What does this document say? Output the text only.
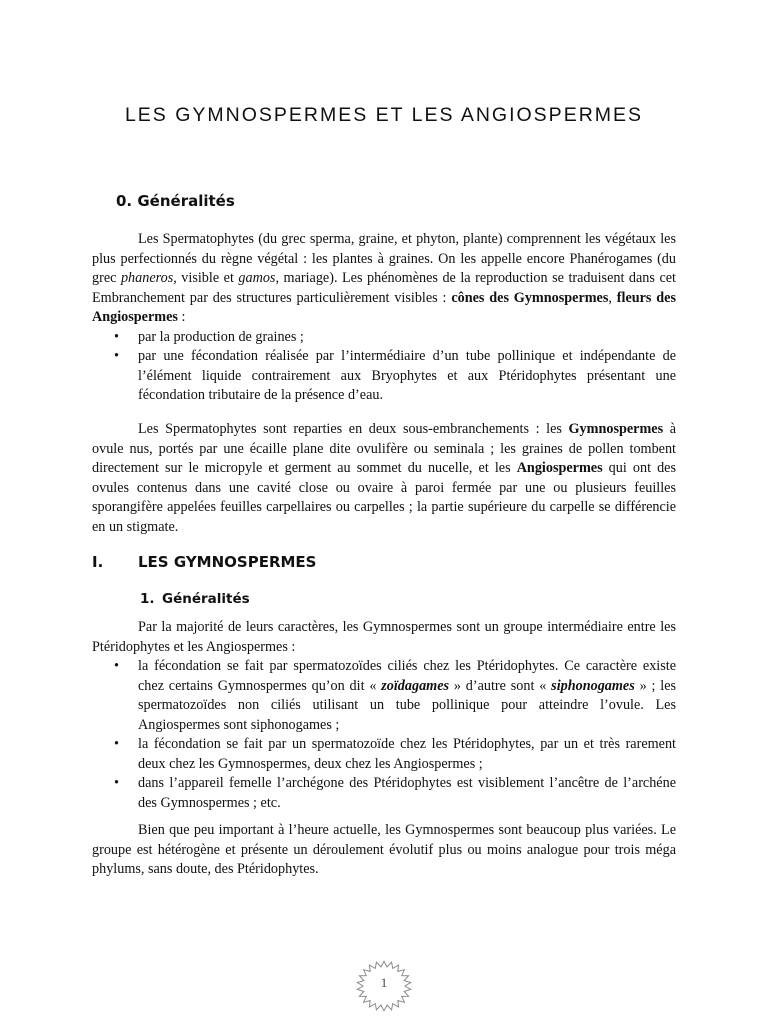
LES GYMNOSPERMES ET LES ANGIOSPERMES
0. Généralités

Les Spermatophytes (du grec sperma, graine, et phyton, plante) comprennent les végétaux les plus perfectionnés du règne végétal : les plantes à graines. On les appelle encore Phanérogames (du grec phaneros, visible et gamos, mariage). Les phénomènes de la reproduction se traduisent dans cet Embranchement par des structures particulièrement visibles : cônes des Gymnospermes, fleurs des Angiospermes :

• par la production de graines ;
• par une fécondation réalisée par l’intermédiaire d’un tube pollinique et indépendante de l’élément liquide contrairement aux Bryophytes et aux Ptéridophytes présentant une fécondation tributaire de la présence d’eau.

Les Spermatophytes sont reparties en deux sous-embranchements : les Gymnospermes à ovule nus, portés par une écaille plane dite ovulifère ou seminala ; les graines de pollen tombent directement sur le micropyle et germent au sommet du nucelle, et les Angiospermes qui ont des ovules contenus dans une cavité close ou ovaire à paroi fermée par une ou plusieurs feuilles sporangifère appelées feuilles carpellaires ou carpelles ; la partie supérieure du carpelle se différencie en un stigmate.

I. LES GYMNOSPERMES
1. Généralités

Par la majorité de leurs caractères, les Gymnospermes sont un groupe intermédiaire entre les Ptéridophytes et les Angiospermes :

• la fécondation se fait par spermatozoïdes ciliés chez les Ptéridophytes. Ce caractère existe chez certains Gymnospermes qu’on dit « zoïdagames » d’autre sont « siphonogames » ; les spermatozoïdes non ciliés utilisant un tube pollinique pour atteindre l’ovule. Les Angiospermes sont siphonogames ;
• la fécondation se fait par un spermatozoïde chez les Ptéridophytes, par un et très rarement deux chez les Gymnospermes, deux chez les Angiospermes ;
• dans l’appareil femelle l’archégone des Ptéridophytes est visiblement l’ancêtre de l’archéne des Gymnospermes ; etc.

Bien que peu important à l’heure actuelle, les Gymnospermes sont beaucoup plus variées. Le groupe est hétérogène et présente un déroulement évolutif plus ou moins analogue pour trois méga phylums, sans doute, des Ptéridophytes.

1
